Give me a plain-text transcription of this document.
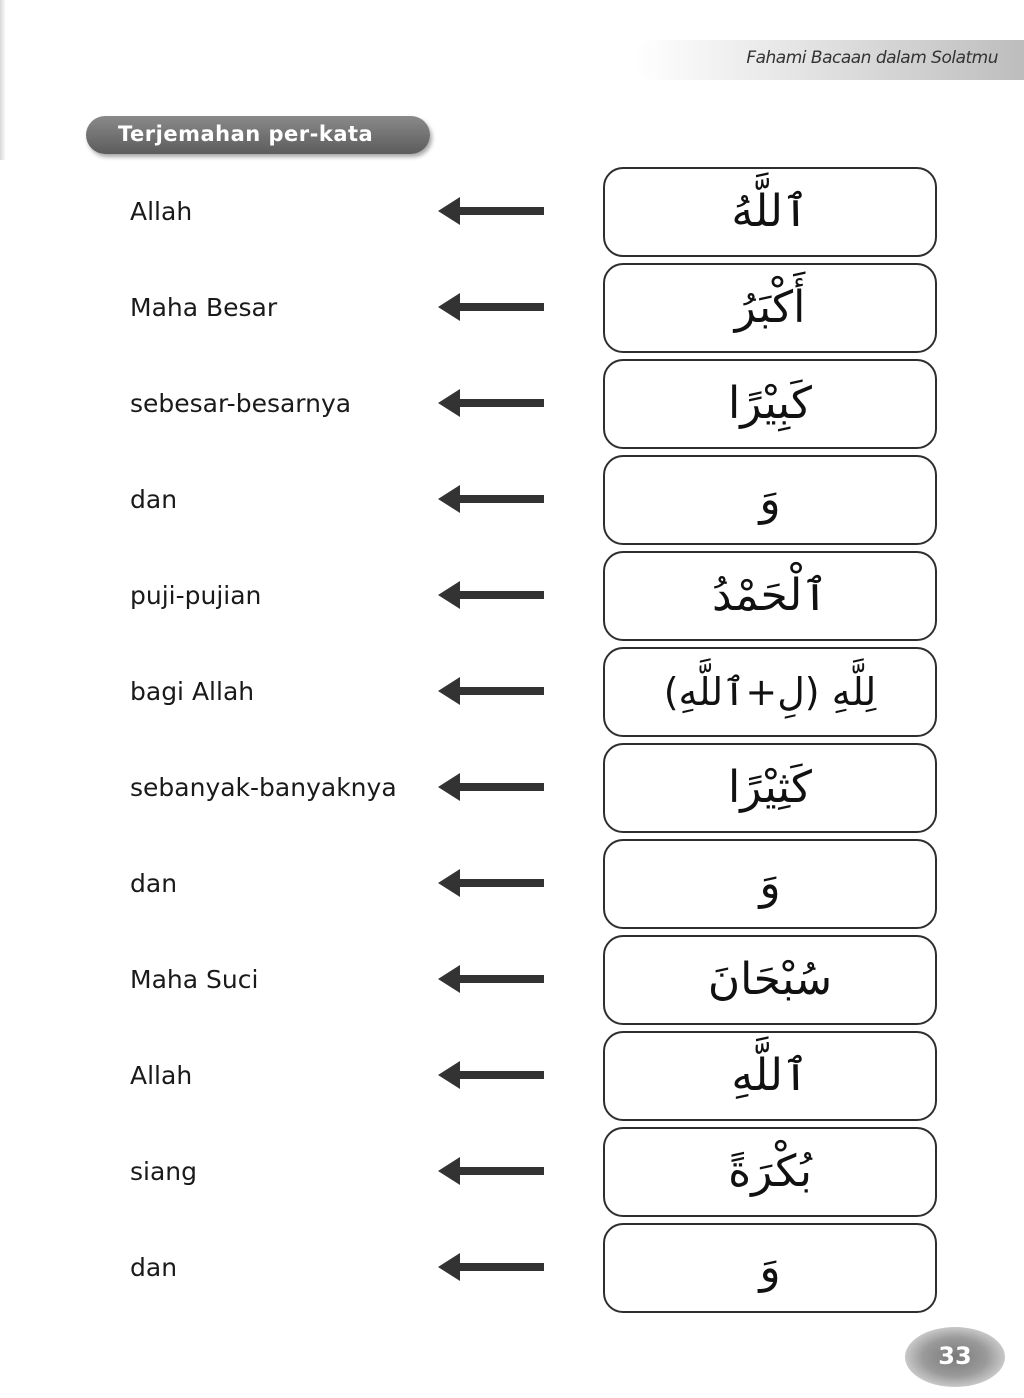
Fahami Bacaan dalam Solatmu
Terjemahan per-kata
Allah	ٱللَّهُ
Maha Besar	أَكْبَرُ
sebesar-besarnya	كَبِيْرًا
dan	وَ
puji-pujian	ٱلْحَمْدُ
bagi Allah	لِلَّهِ (لِ+ٱللَّهِ)
sebanyak-banyaknya	كَثِيْرًا
dan	وَ
Maha Suci	سُبْحَانَ
Allah	ٱللَّهِ
siang	بُكْرَةً
dan	وَ
33
